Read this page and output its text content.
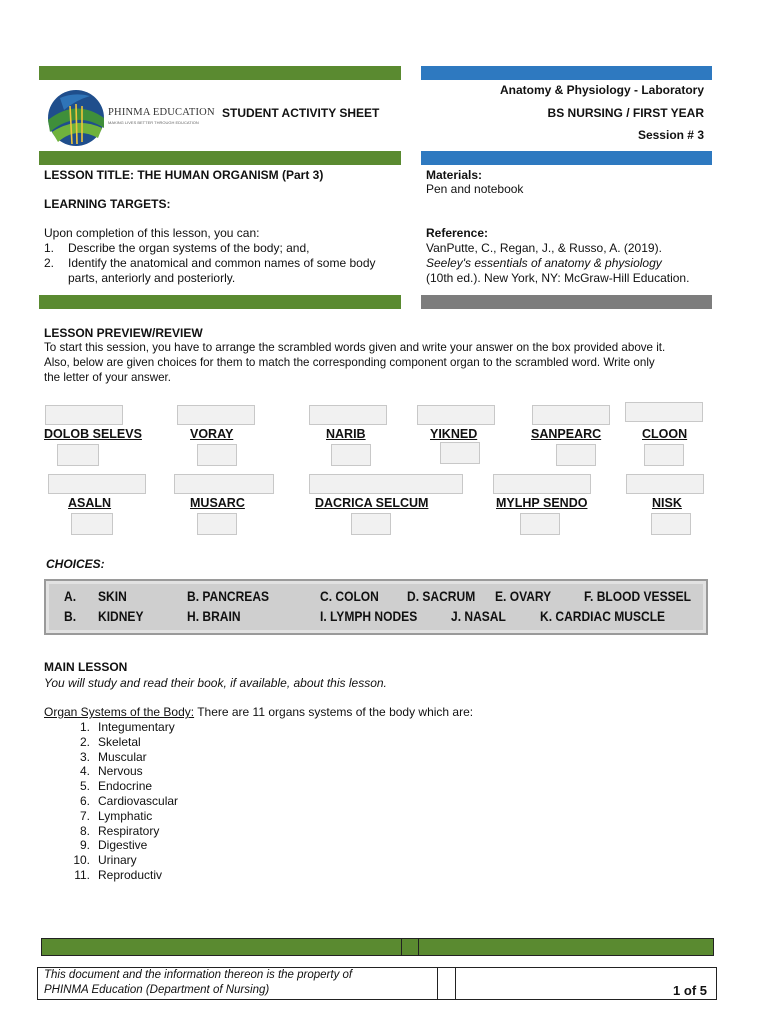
PHINMA EDUCATION
MAKING LIVES BETTER THROUGH EDUCATION
STUDENT ACTIVITY SHEET
Anatomy & Physiology - Laboratory
BS NURSING / FIRST YEAR
Session # 3
LESSON TITLE: THE HUMAN ORGANISM (Part 3)
LEARNING TARGETS:
Upon completion of this lesson, you can:
1. Describe the organ systems of the body; and,
2. Identify the anatomical and common names of some body
parts, anteriorly and posteriorly.
Materials:
Pen and notebook
Reference:
VanPutte, C., Regan, J., & Russo, A. (2019).
Seeley's essentials of anatomy & physiology
(10th ed.). New York, NY: McGraw-Hill Education.
LESSON PREVIEW/REVIEW
To start this session, you have to arrange the scrambled words given and write your answer on the box provided above it.
Also, below are given choices for them to match the corresponding component organ to the scrambled word. Write only
the letter of your answer.
DOLOB SELEVS	VORAY	NARIB	YIKNED	SANPEARC	CLOON
ASALN	MUSARC	DACRICA SELCUM	MYLHP SENDO	NISK
CHOICES:
A. SKIN	B. PANCREAS	C. COLON D. SACRUM E. OVARY F. BLOOD VESSEL
B. KIDNEY	H. BRAIN	I. LYMPH NODES J. NASAL K. CARDIAC MUSCLE
MAIN LESSON
You will study and read their book, if available, about this lesson.
Organ Systems of the Body: There are 11 organs systems of the body which are:
1. Integumentary
2. Skeletal
3. Muscular
4. Nervous
5. Endocrine
6. Cardiovascular
7. Lymphatic
8. Respiratory
9. Digestive
10. Urinary
11. Reproductiv
This document and the information thereon is the property of
PHINMA Education (Department of Nursing)	1 of 5
